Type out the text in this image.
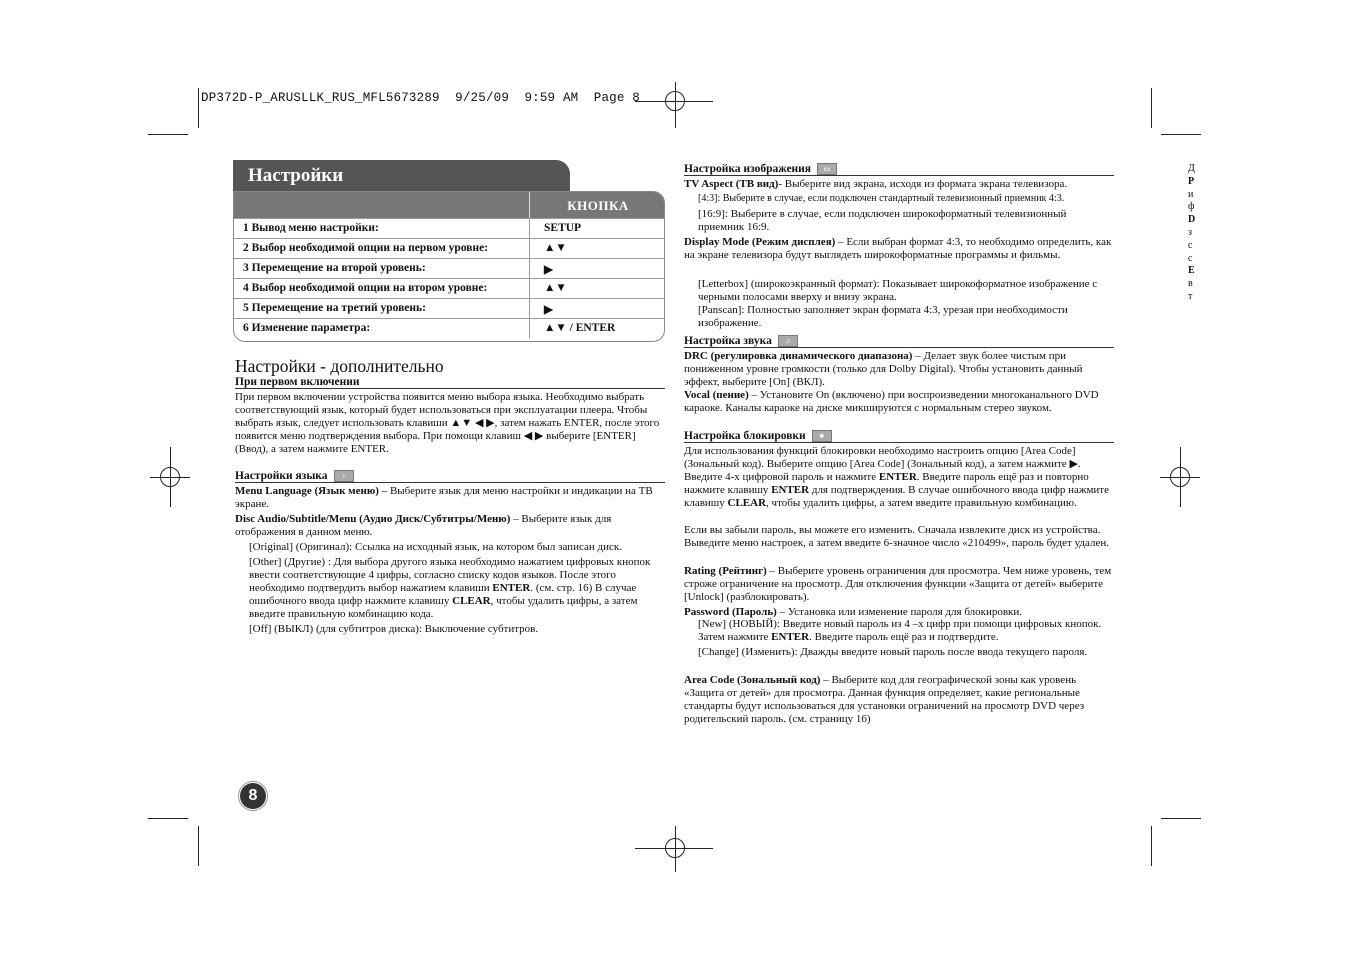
DP372D-P_ARUSLLK_RUS_MFL5673289  9/25/09  9:59 AM  Page 8
Настройки
КНОПКА
1 Вывод меню настройки:	SETUP
2 Выбор необходимой опции на первом уровне:	▲▼
3 Перемещение на второй уровень:	▶
4 Выбор необходимой опции на втором уровне:	▲▼
5 Перемещение на третий уровень:	▶
6 Изменение параметра:	▲▼ / ENTER
Настройки - дополнительно
При первом включении
При первом включении устройства появится меню выбора языка. Необходимо выбрать соответствующий язык, который будет использоваться при эксплуатации плеера. Чтобы выбрать язык, следует использовать клавиши ▲▼ ◀ ▶, затем нажать ENTER, после этого появится меню подтверждения выбора. При помощи клавиш ◀ ▶ выберите [ENTER] (Ввод), а затем нажмите ENTER.
Настройки языка ♪
Menu Language (Язык меню) – Выберите язык для меню настройки и индикации на ТВ экране.
Disc Audio/Subtitle/Menu (Аудио Диск/Субтитры/Меню) – Выберите язык для отображения в данном меню.
[Original] (Оригинал): Ссылка на исходный язык, на котором был записан диск.
[Other] (Другие) : Для выбора другого языка необходимо нажатием цифровых кнопок ввести соответствующие 4 цифры, согласно списку кодов языков. После этого необходимо подтвердить выбор нажатием клавиши ENTER. (см. стр. 16) В случае ошибочного ввода цифр нажмите клавишу CLEAR, чтобы удалить цифры, а затем введите правильную комбинацию кода.
[Off] (ВЫКЛ) (для субтитров диска): Выключение субтитров.
Настройка изображения ▭
TV Aspect (TB вид)- Выберите вид экрана, исходя из формата экрана телевизора.
[4:3]: Выберите в случае, если подключен стандартный телевизионный приемник 4:3.
[16:9]: Выберите в случае, если подключен широкоформатный телевизионный приемник 16:9.
Display Mode (Режим дисплея) – Если выбран формат 4:3, то необходимо определить, как на экране телевизора будут выглядеть широкоформатные программы и фильмы.
[Letterbox] (широкоэкранный формат): Показывает широкоформатное изображение с черными полосами вверху и внизу экрана.
[Panscan]: Полностью заполняет экран формата 4:3, урезая при необходимости изображение.
Настройка звука ♫
DRC (регулировка динамического диапазона) – Делает звук более чистым при пониженном уровне громкости (только для Dolby Digital). Чтобы установить данный эффект, выберите [On] (ВКЛ).
Vocal (пение) – Установите On (включено) при воспроизведении многоканального DVD караоке. Каналы караоке на диске микшируются с нормальным стерео звуком.
Настройка блокировки ■
Для использования функций блокировки необходимо настроить опцию [Area Code] (Зональный код). Выберите опцию [Area Code] (Зональный код), а затем нажмите ▶. Введите 4-х цифровой пароль и нажмите ENTER. Введите пароль ещё раз и повторно нажмите клавишу ENTER для подтверждения. В случае ошибочного ввода цифр нажмите клавишу CLEAR, чтобы удалить цифры, а затем введите правильную комбинацию.
Если вы забыли пароль, вы можете его изменить. Сначала извлеките диск из устройства. Выведите меню настроек, а затем введите 6-значное число «210499», пароль будет удален.
Rating (Рейтинг) – Выберите уровень ограничения для просмотра. Чем ниже уровень, тем строже ограничение на просмотр. Для отключения функции «Защита от детей» выберите [Unlock] (разблокировать).
Password (Пароль) – Установка или изменение пароля для блокировки.
[New] (НОВЫЙ): Введите новый пароль из 4 –х цифр при помощи цифровых кнопок. Затем нажмите ENTER. Введите пароль ещё раз и подтвердите.
[Change] (Изменить): Дважды введите новый пароль после ввода текущего пароля.
Area Code (Зональный код) – Выберите код для географической зоны как уровень «Защита от детей» для просмотра. Данная функция определяет, какие региональные стандарты будут использоваться для установки ограничений на просмотр DVD через родительский пароль. (см. страницу 16)
8
Д
Р
и
ф
D
з
с
с
Е
в
т
